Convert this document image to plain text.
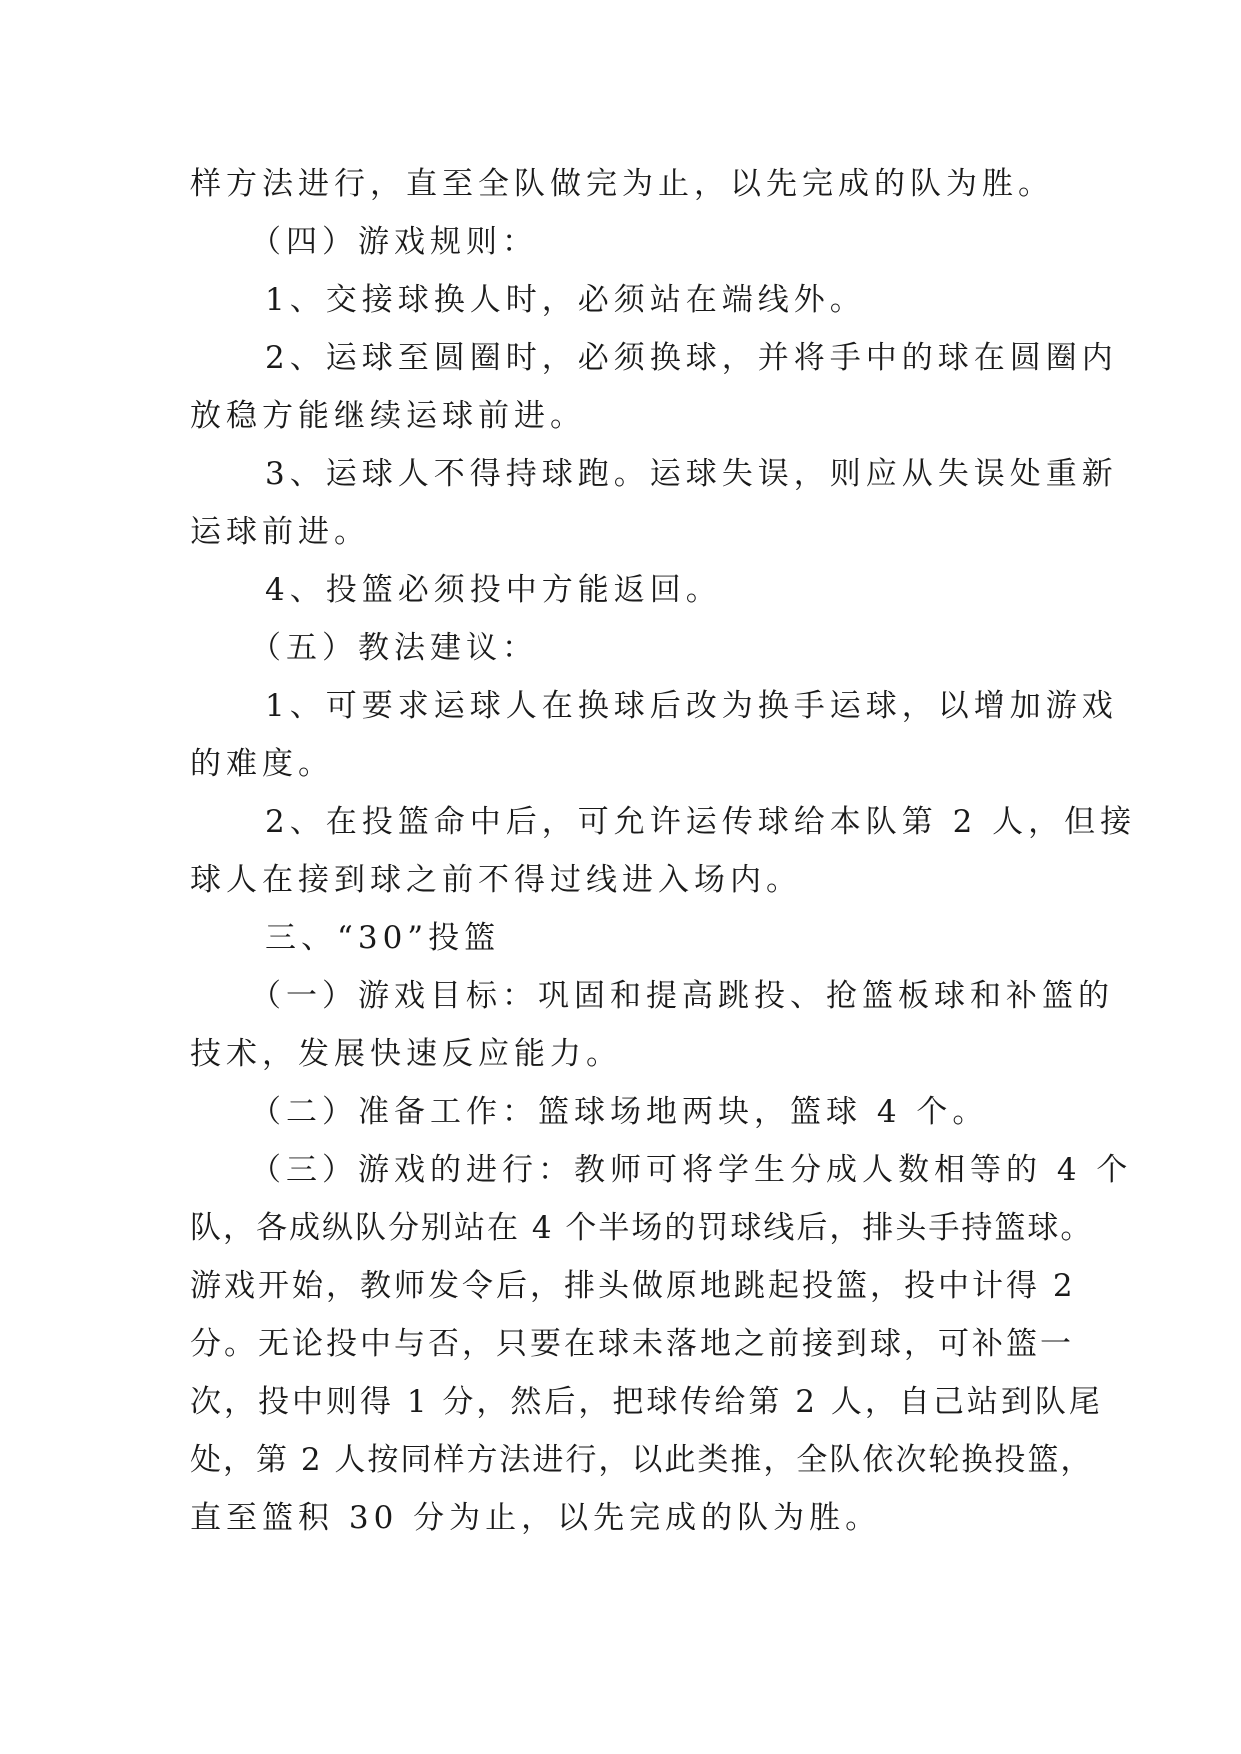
样方法进行，直至全队做完为止，以先完成的队为胜。
（四）游戏规则：
1、交接球换人时，必须站在端线外。
2、运球至圆圈时，必须换球，并将手中的球在圆圈内
放稳方能继续运球前进。
3、运球人不得持球跑。运球失误，则应从失误处重新
运球前进。
4、投篮必须投中方能返回。
（五）教法建议：
1、可要求运球人在换球后改为换手运球，以增加游戏
的难度。
2、在投篮命中后，可允许运传球给本队第 2 人，但接
球人在接到球之前不得过线进入场内。
三、“30”投篮
（一）游戏目标：巩固和提高跳投、抢篮板球和补篮的
技术，发展快速反应能力。
（二）准备工作：篮球场地两块，篮球 4 个。
（三）游戏的进行：教师可将学生分成人数相等的 4 个
队，各成纵队分别站在 4 个半场的罚球线后，排头手持篮球。
游戏开始，教师发令后，排头做原地跳起投篮，投中计得 2
分。无论投中与否，只要在球未落地之前接到球，可补篮一
次，投中则得 1 分，然后，把球传给第 2 人，自己站到队尾
处，第 2 人按同样方法进行，以此类推，全队依次轮换投篮，
直至篮积 30 分为止，以先完成的队为胜。
